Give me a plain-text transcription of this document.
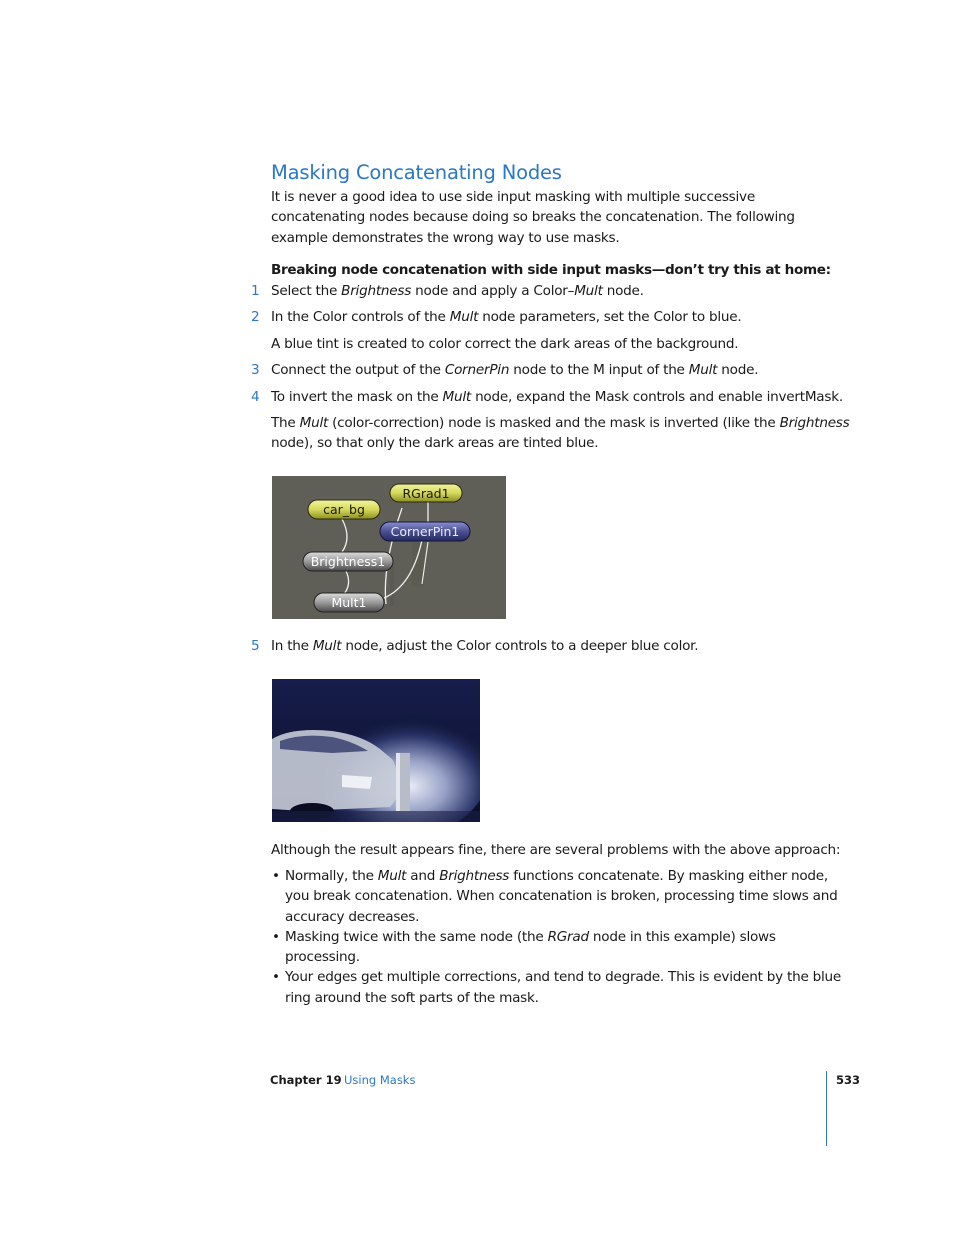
Masking Concatenating Nodes
It is never a good idea to use side input masking with multiple successive
concatenating nodes because doing so breaks the concatenation. The following
example demonstrates the wrong way to use masks.
Breaking node concatenation with side input masks—don’t try this at home:
1 Select the Brightness node and apply a Color–Mult node.
2 In the Color controls of the Mult node parameters, set the Color to blue.
A blue tint is created to color correct the dark areas of the background.
3 Connect the output of the CornerPin node to the M input of the Mult node.
4 To invert the mask on the Mult node, expand the Mask controls and enable invertMask.
The Mult (color-correction) node is masked and the mask is inverted (like the Brightness
node), so that only the dark areas are tinted blue.
RGrad1
car_bg
CornerPin1
Brightness1
Mult1
5 In the Mult node, adjust the Color controls to a deeper blue color.
Although the result appears fine, there are several problems with the above approach:
• Normally, the Mult and Brightness functions concatenate. By masking either node,
you break concatenation. When concatenation is broken, processing time slows and
accuracy decreases.
• Masking twice with the same node (the RGrad node in this example) slows
processing.
• Your edges get multiple corrections, and tend to degrade. This is evident by the blue
ring around the soft parts of the mask.
Chapter 19 Using Masks	533
